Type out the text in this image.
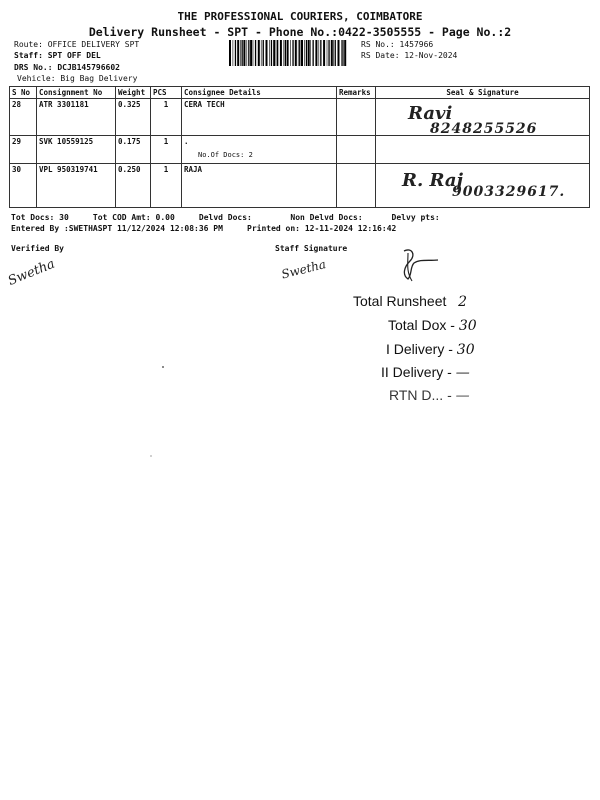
THE PROFESSIONAL COURIERS, COIMBATORE
Delivery Runsheet - SPT - Phone No.:0422-3505555 - Page No.:2
Route: OFFICE DELIVERY SPT
Staff: SPT OFF DEL
DRS No.: DCJB145796602
Vehicle: Big Bag Delivery
RS No.: 1457966
RS Date: 12-Nov-2024
S No	Consignment No	Weight	PCS	Consignee Details	Remarks	Seal & Signature
28	ATR 3301181	0.325	1	CERA TECH		Ravi
8248255526

29	SVK 10559125	0.175	1	.
No.Of Docs: 2		

30	VPL 950319741	0.250	1	RAJA		R. Raj
9003329617.
Tot Docs: 30	Tot COD Amt: 0.00	Delvd Docs:	Non Delvd Docs:	Delvy pts:
Entered By :SWETHASPT 11/12/2024 12:08:36 PM	Printed on: 12-11-2024 12:16:42
Verified By	Staff Signature
Swetha	Swetha
Total Runsheet 2
Total Dox - 30
I Delivery - 30
II Delivery - —
RTN D... - —
